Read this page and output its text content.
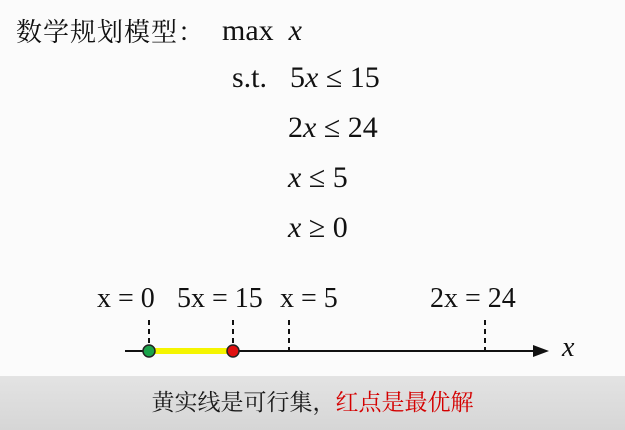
数学规划模型： max x
s.t. 5x ≤ 15
2x ≤ 24
x ≤ 5
x ≥ 0
x = 0 5x = 15 x = 5	2x = 24
x
黄实线是可行集，红点是最优解
